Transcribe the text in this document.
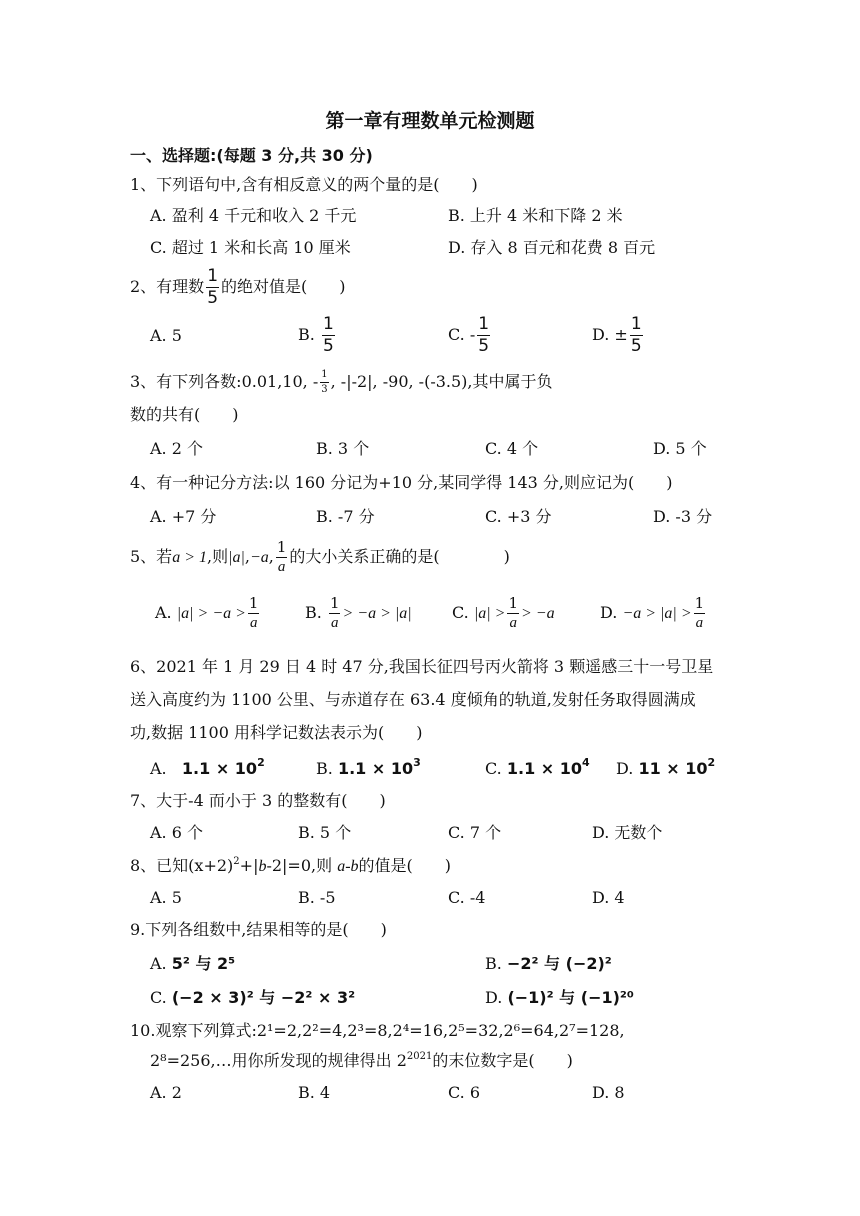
第一章有理数单元检测题
一、选择题:(每题 3 分,共 30 分)
1、下列语句中,含有相反意义的两个量的是(　　)
A. 盈利 4 千元和收入 2 千元	B. 上升 4 米和下降 2 米
C. 超过 1 米和长高 10 厘米	D. 存入 8 百元和花费 8 百元
2、有理数 $\frac{1}{5}$ 的绝对值是(　　)
A. 5	B. $\frac{1}{5}$	C. - $\frac{1}{5}$	D. ± $\frac{1}{5}$
3、有下列各数:0.01,10, - $\frac{1}{3}$ , -|-2|, -90, -(-3.5),其中属于负
数的共有(　　)
A. 2 个	B. 3 个	C. 4 个	D. 5 个
4、有一种记分方法:以 160 分记为+10 分,某同学得 143 分,则应记为(　　)
A. +7 分	B. -7 分	C. +3 分	D. -3 分
5、若a > 1,则|a|,−a, $\frac{1}{a}$ 的大小关系正确的是(　　　　)
A. $|a| > -a > \frac{1}{a}$	B. $\frac{1}{a} > -a > |a|$	C. $|a| > \frac{1}{a} > -a$	D. $-a > |a| > \frac{1}{a}$
6、2021 年 1 月 29 日 4 时 47 分,我国长征四号丙火箭将 3 颗遥感三十一号卫星
送入高度约为 1100 公里、与赤道存在 63.4 度倾角的轨道,发射任务取得圆满成
功,数据 1100 用科学记数法表示为(　　)
A. $1.1 \times 10^2$	B. $1.1 \times 10^3$	C. $1.1 \times 10^4$ D. $11 \times 10^2$
7、大于-4 而小于 3 的整数有(　　)
A. 6 个	B. 5 个	C. 7 个	D. 无数个
8、已知$(x+2)^2+|b-2|=0$,则 a-b的值是(　　)
A. 5	B. -5	C. -4	D. 4
9.下列各组数中,结果相等的是(　　)
A. 5² 与 2⁵	B. −2² 与 (−2)²
C. (−2 × 3)² 与 −2² × 3²	D. (−1)² 与 (−1)²⁰
10.观察下列算式:2¹=2,2²=4,2³=8,2⁴=16,2⁵=32,2⁶=64,2⁷=128,
2⁸=256,…用你所发现的规律得出 $2^{2021}$的末位数字是(　　)
A. 2	B. 4	C. 6	D. 8
